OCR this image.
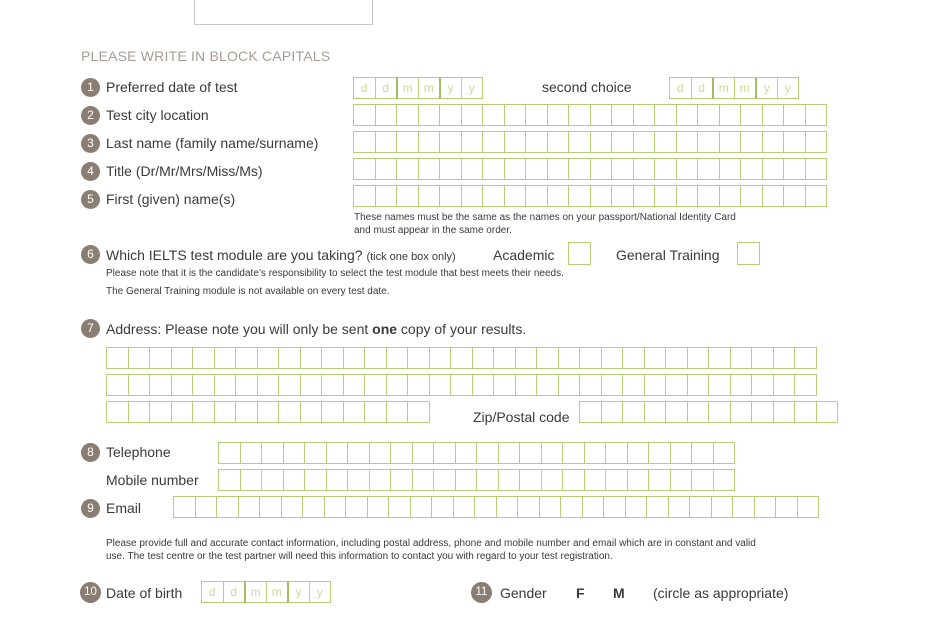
PLEASE WRITE IN BLOCK CAPITALS
1 Preferred date of test	d	d	m m	y	y	second choice	d	d	m m	y	y
2 Test city location
3 Last name (family name/surname)
4 Title (Dr/Mr/Mrs/Miss/Ms)
5 First (given) name(s)
These names must be the same as the names on your passport/National Identity Card
and must appear in the same order.
6 Which IELTS test module are you taking? (tick one box only)	Academic	General Training
Please note that it is the candidate’s responsibility to select the test module that best meets their needs.
The General Training module is not available on every test date.
7 Address: Please note you will only be sent one copy of your results.
Zip/Postal code
8 Telephone
Mobile number
9 Email
Please provide full and accurate contact information, including postal address, phone and mobile number and email which are in constant and valid
use. The test centre or the test partner will need this information to contact you with regard to your test registration.
10 Date of birth	d	d	m m	y	y	11 Gender F M (circle as appropriate)
